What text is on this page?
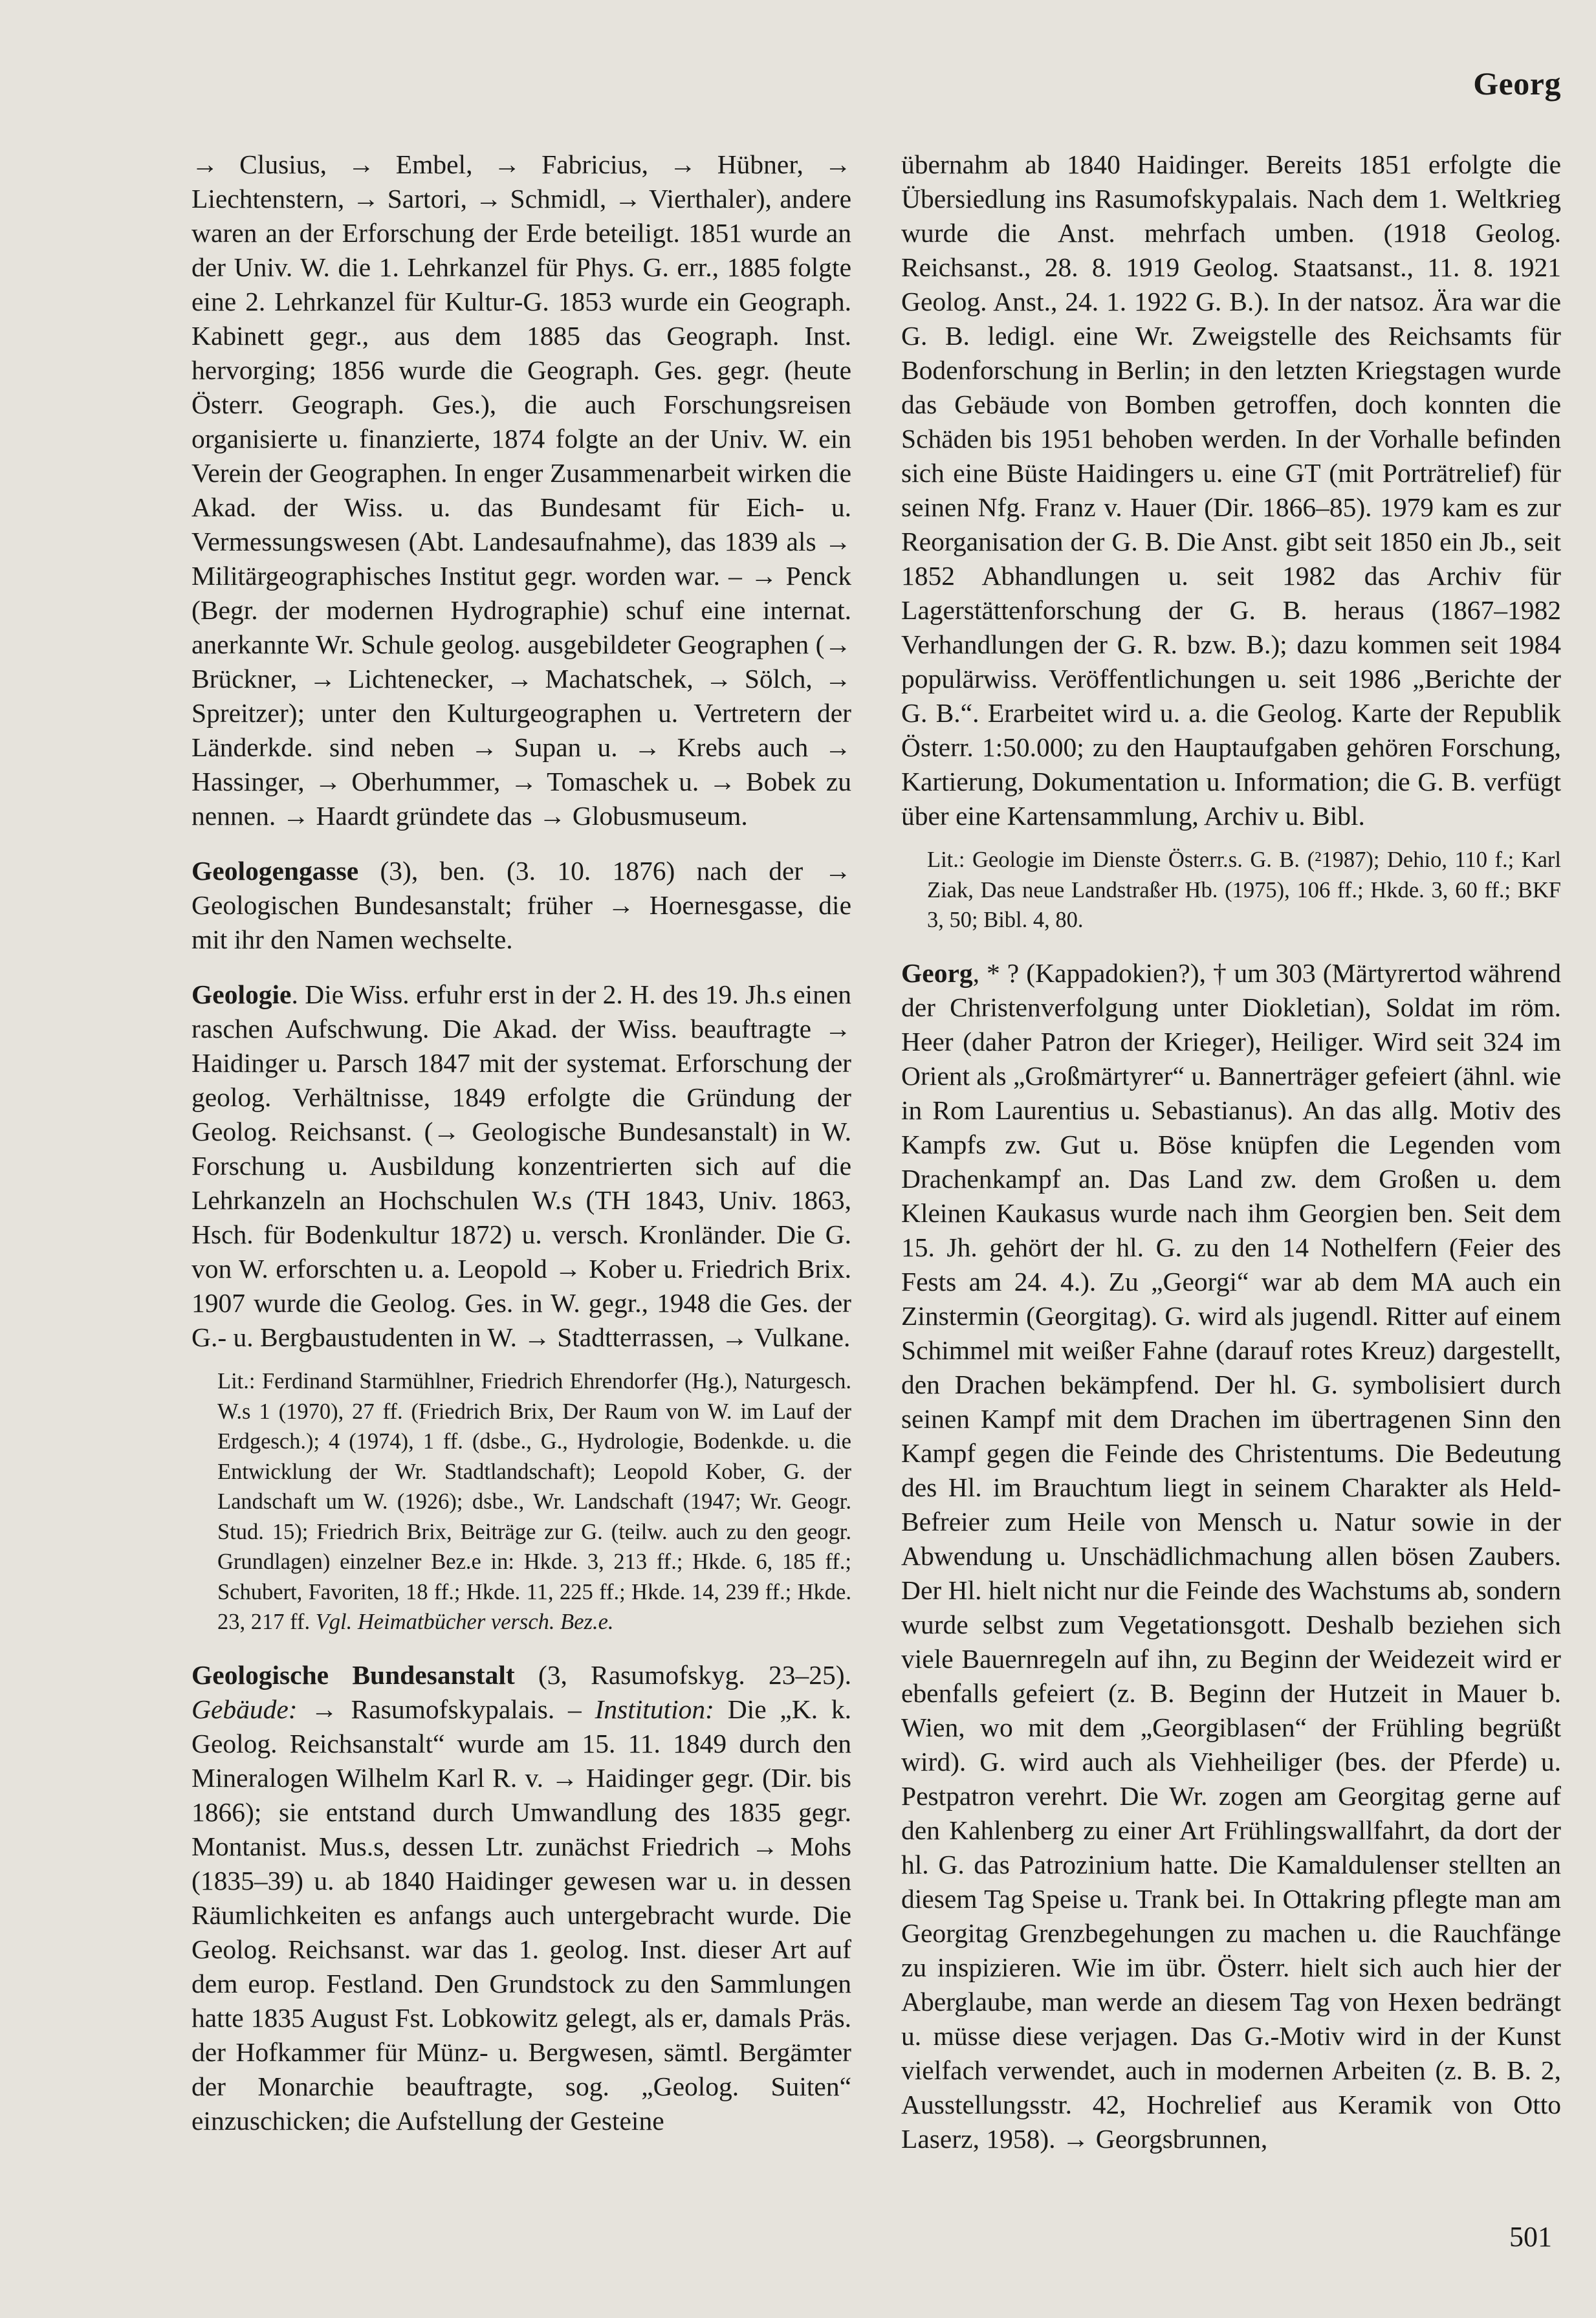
Georg

→ Clusius, → Embel, → Fabricius, → Hübner, → Liechtenstern, → Sartori, → Schmidl, → Vierthaler), andere waren an der Erforschung der Erde beteiligt. 1851 wurde an der Univ. W. die 1. Lehrkanzel für Phys. G. err., 1885 folgte eine 2. Lehrkanzel für Kultur-G. 1853 wurde ein Geograph. Kabinett gegr., aus dem 1885 das Geograph. Inst. hervorging; 1856 wurde die Geograph. Ges. gegr. (heute Österr. Geograph. Ges.), die auch Forschungsreisen organisierte u. finanzierte, 1874 folgte an der Univ. W. ein Verein der Geographen. In enger Zusammenarbeit wirken die Akad. der Wiss. u. das Bundesamt für Eich- u. Vermessungswesen (Abt. Landesaufnahme), das 1839 als → Militärgeographisches Institut gegr. worden war. – → Penck (Begr. der modernen Hydrographie) schuf eine internat. anerkannte Wr. Schule geolog. ausgebildeter Geographen (→ Brückner, → Lichtenecker, → Machatschek, → Sölch, → Spreitzer); unter den Kulturgeographen u. Vertretern der Länderkde. sind neben → Supan u. → Krebs auch → Hassinger, → Oberhummer, → Tomaschek u. → Bobek zu nennen. → Haardt gründete das → Globusmuseum.

Geologengasse (3), ben. (3. 10. 1876) nach der → Geologischen Bundesanstalt; früher → Hoernesgasse, die mit ihr den Namen wechselte.

Geologie. Die Wiss. erfuhr erst in der 2. H. des 19. Jh.s einen raschen Aufschwung. Die Akad. der Wiss. beauftragte → Haidinger u. Parsch 1847 mit der systemat. Erforschung der geolog. Verhältnisse, 1849 erfolgte die Gründung der Geolog. Reichsanst. (→ Geologische Bundesanstalt) in W. Forschung u. Ausbildung konzentrierten sich auf die Lehrkanzeln an Hochschulen W.s (TH 1843, Univ. 1863, Hsch. für Bodenkultur 1872) u. versch. Kronländer. Die G. von W. erforschten u. a. Leopold → Kober u. Friedrich Brix. 1907 wurde die Geolog. Ges. in W. gegr., 1948 die Ges. der G.- u. Bergbaustudenten in W. → Stadtterrassen, → Vulkane.

Lit.: Ferdinand Starmühlner, Friedrich Ehrendorfer (Hg.), Naturgesch. W.s 1 (1970), 27 ff. (Friedrich Brix, Der Raum von W. im Lauf der Erdgesch.); 4 (1974), 1 ff. (dsbe., G., Hydrologie, Bodenkde. u. die Entwicklung der Wr. Stadtlandschaft); Leopold Kober, G. der Landschaft um W. (1926); dsbe., Wr. Landschaft (1947; Wr. Geogr. Stud. 15); Friedrich Brix, Beiträge zur G. (teilw. auch zu den geogr. Grundlagen) einzelner Bez.e in: Hkde. 3, 213 ff.; Hkde. 6, 185 ff.; Schubert, Favoriten, 18 ff.; Hkde. 11, 225 ff.; Hkde. 14, 239 ff.; Hkde. 23, 217 ff. Vgl. Heimatbücher versch. Bez.e.

Geologische Bundesanstalt (3, Rasumofskyg. 23–25). Gebäude: → Rasumofskypalais. – Institution: Die „K. k. Geolog. Reichsanstalt“ wurde am 15. 11. 1849 durch den Mineralogen Wilhelm Karl R. v. → Haidinger gegr. (Dir. bis 1866); sie entstand durch Umwandlung des 1835 gegr. Montanist. Mus.s, dessen Ltr. zunächst Friedrich → Mohs (1835–39) u. ab 1840 Haidinger gewesen war u. in dessen Räumlichkeiten es anfangs auch untergebracht wurde. Die Geolog. Reichsanst. war das 1. geolog. Inst. dieser Art auf dem europ. Festland. Den Grundstock zu den Sammlungen hatte 1835 August Fst. Lobkowitz gelegt, als er, damals Präs. der Hofkammer für Münz- u. Bergwesen, sämtl. Bergämter der Monarchie beauftragte, sog. „Geolog. Suiten“ einzuschicken; die Aufstellung der Gesteine

übernahm ab 1840 Haidinger. Bereits 1851 erfolgte die Übersiedlung ins Rasumofskypalais. Nach dem 1. Weltkrieg wurde die Anst. mehrfach umben. (1918 Geolog. Reichsanst., 28. 8. 1919 Geolog. Staatsanst., 11. 8. 1921 Geolog. Anst., 24. 1. 1922 G. B.). In der natsoz. Ära war die G. B. ledigl. eine Wr. Zweigstelle des Reichsamts für Bodenforschung in Berlin; in den letzten Kriegstagen wurde das Gebäude von Bomben getroffen, doch konnten die Schäden bis 1951 behoben werden. In der Vorhalle befinden sich eine Büste Haidingers u. eine GT (mit Porträtrelief) für seinen Nfg. Franz v. Hauer (Dir. 1866–85). 1979 kam es zur Reorganisation der G. B. Die Anst. gibt seit 1850 ein Jb., seit 1852 Abhandlungen u. seit 1982 das Archiv für Lagerstättenforschung der G. B. heraus (1867–1982 Verhandlungen der G. R. bzw. B.); dazu kommen seit 1984 populärwiss. Veröffentlichungen u. seit 1986 „Berichte der G. B.“. Erarbeitet wird u. a. die Geolog. Karte der Republik Österr. 1:50.000; zu den Hauptaufgaben gehören Forschung, Kartierung, Dokumentation u. Information; die G. B. verfügt über eine Kartensammlung, Archiv u. Bibl.

Lit.: Geologie im Dienste Österr.s. G. B. (²1987); Dehio, 110 f.; Karl Ziak, Das neue Landstraßer Hb. (1975), 106 ff.; Hkde. 3, 60 ff.; BKF 3, 50; Bibl. 4, 80.

Georg, * ? (Kappadokien?), † um 303 (Märtyrertod während der Christenverfolgung unter Diokletian), Soldat im röm. Heer (daher Patron der Krieger), Heiliger. Wird seit 324 im Orient als „Großmärtyrer“ u. Bannerträger gefeiert (ähnl. wie in Rom Laurentius u. Sebastianus). An das allg. Motiv des Kampfs zw. Gut u. Böse knüpfen die Legenden vom Drachenkampf an. Das Land zw. dem Großen u. dem Kleinen Kaukasus wurde nach ihm Georgien ben. Seit dem 15. Jh. gehört der hl. G. zu den 14 Nothelfern (Feier des Fests am 24. 4.). Zu „Georgi“ war ab dem MA auch ein Zinstermin (Georgitag). G. wird als jugendl. Ritter auf einem Schimmel mit weißer Fahne (darauf rotes Kreuz) dargestellt, den Drachen bekämpfend. Der hl. G. symbolisiert durch seinen Kampf mit dem Drachen im übertragenen Sinn den Kampf gegen die Feinde des Christentums. Die Bedeutung des Hl. im Brauchtum liegt in seinem Charakter als Held-Befreier zum Heile von Mensch u. Natur sowie in der Abwendung u. Unschädlichmachung allen bösen Zaubers. Der Hl. hielt nicht nur die Feinde des Wachstums ab, sondern wurde selbst zum Vegetationsgott. Deshalb beziehen sich viele Bauernregeln auf ihn, zu Beginn der Weidezeit wird er ebenfalls gefeiert (z. B. Beginn der Hutzeit in Mauer b. Wien, wo mit dem „Georgiblasen“ der Frühling begrüßt wird). G. wird auch als Viehheiliger (bes. der Pferde) u. Pestpatron verehrt. Die Wr. zogen am Georgitag gerne auf den Kahlenberg zu einer Art Frühlingswallfahrt, da dort der hl. G. das Patrozinium hatte. Die Kamaldulenser stellten an diesem Tag Speise u. Trank bei. In Ottakring pflegte man am Georgitag Grenzbegehungen zu machen u. die Rauchfänge zu inspizieren. Wie im übr. Österr. hielt sich auch hier der Aberglaube, man werde an diesem Tag von Hexen bedrängt u. müsse diese verjagen. Das G.-Motiv wird in der Kunst vielfach verwendet, auch in modernen Arbeiten (z. B. B. 2, Ausstellungsstr. 42, Hochrelief aus Keramik von Otto Laserz, 1958). → Georgsbrunnen,

501
